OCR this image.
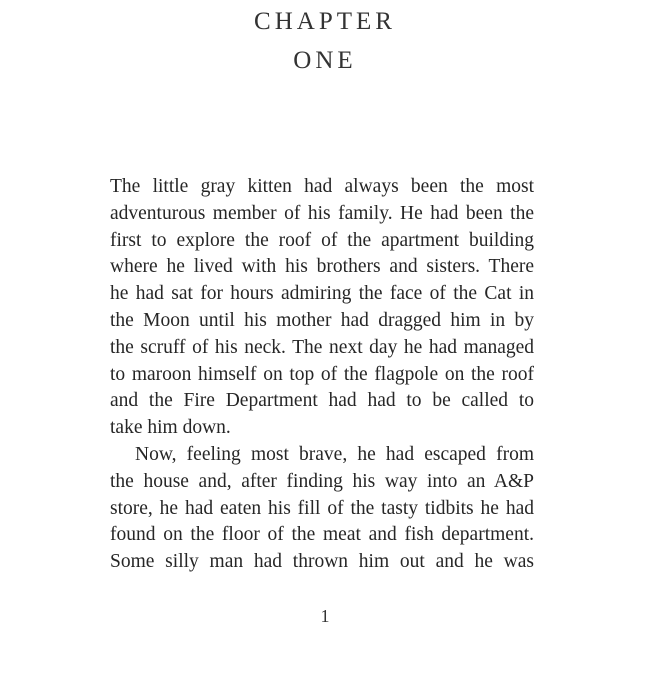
CHAPTER
ONE
The little gray kitten had always been the most
adventurous member of his family. He had been the
first to explore the roof of the apartment building
where he lived with his brothers and sisters. There
he had sat for hours admiring the face of the Cat in
the Moon until his mother had dragged him in by
the scruff of his neck. The next day he had managed
to maroon himself on top of the flagpole on the roof
and the Fire Department had had to be called to
take him down.
Now, feeling most brave, he had escaped from
the house and, after finding his way into an A&P
store, he had eaten his fill of the tasty tidbits he had
found on the floor of the meat and fish department.
Some silly man had thrown him out and he was
1
